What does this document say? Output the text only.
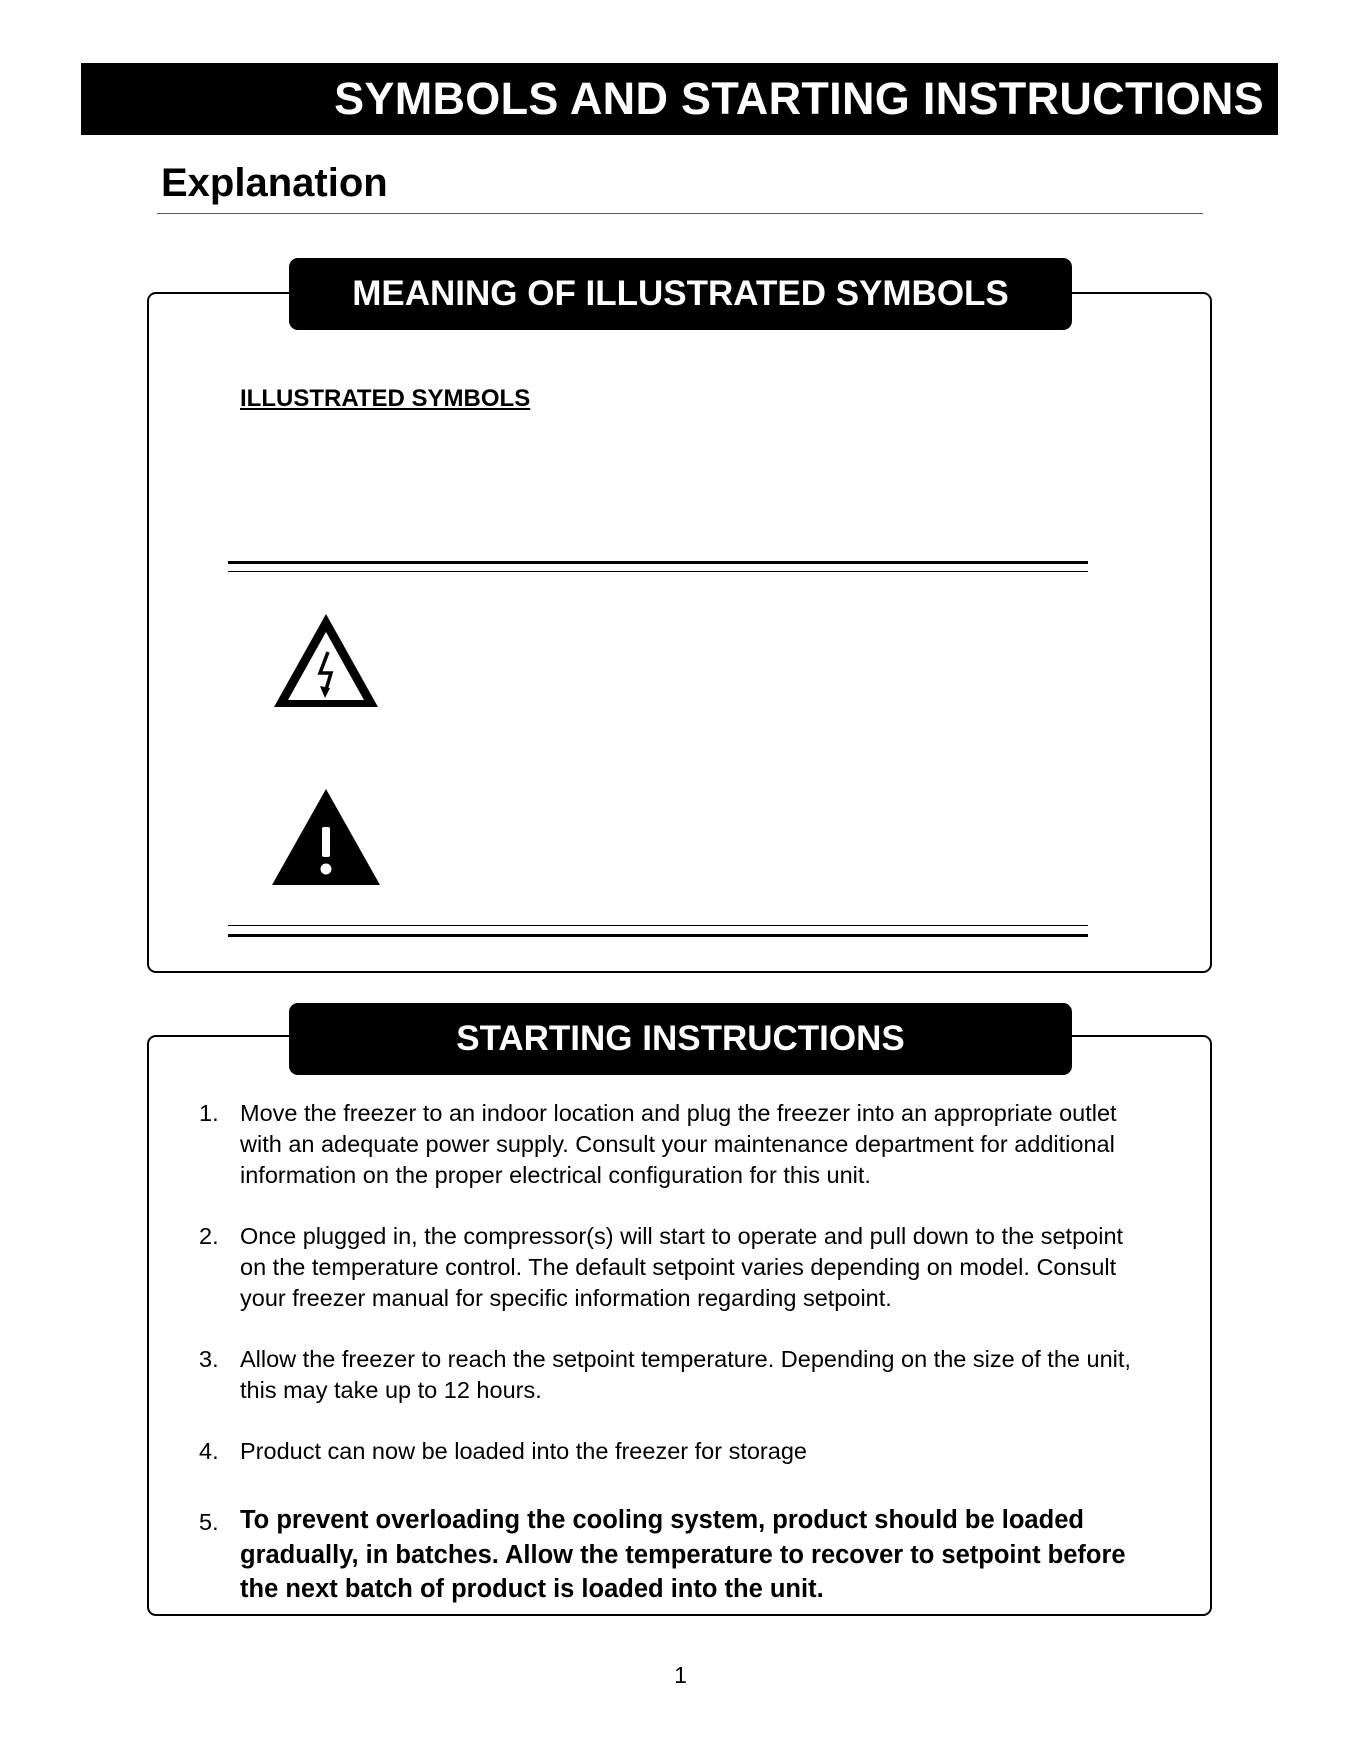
SYMBOLS AND STARTING INSTRUCTIONS
Explanation
MEANING OF ILLUSTRATED SYMBOLS
ILLUSTRATED SYMBOLS
STARTING INSTRUCTIONS
1. Move the freezer to an indoor location and plug the freezer into an appropriate outlet with an adequate power supply. Consult your maintenance department for additional information on the proper electrical configuration for this unit.
2. Once plugged in, the compressor(s) will start to operate and pull down to the setpoint on the temperature control. The default setpoint varies depending on model. Consult your freezer manual for specific information regarding setpoint.
3. Allow the freezer to reach the setpoint temperature. Depending on the size of the unit, this may take up to 12 hours.
4. Product can now be loaded into the freezer for storage
5. To prevent overloading the cooling system, product should be loaded gradually, in batches. Allow the temperature to recover to setpoint before the next batch of product is loaded into the unit.
1
